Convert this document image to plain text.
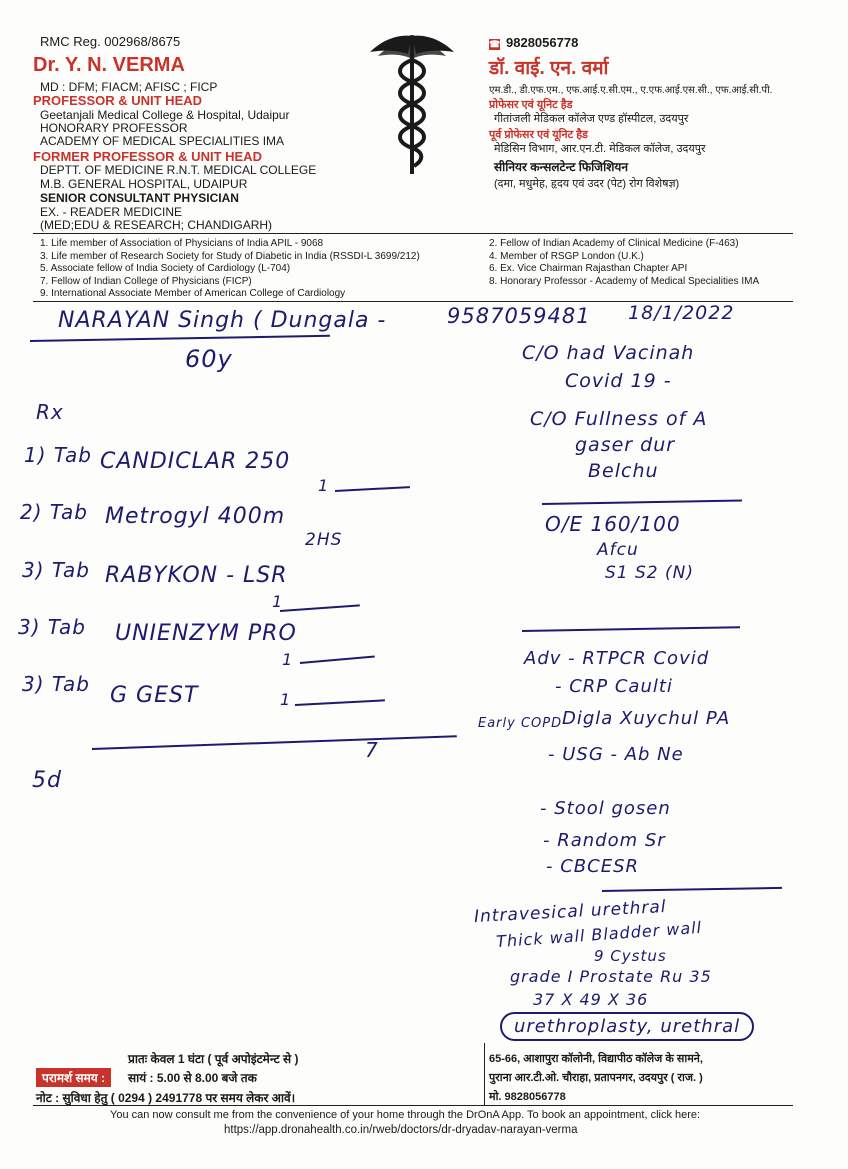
RMC Reg. 002968/8675
Dr. Y. N. VERMA
MD : DFM; FIACM; AFISC ; FICP
PROFESSOR & UNIT HEAD
Geetanjali Medical College & Hospital, Udaipur
HONORARY PROFESSOR
ACADEMY OF MEDICAL SPECIALITIES IMA
FORMER PROFESSOR & UNIT HEAD
DEPTT. OF MEDICINE R.N.T. MEDICAL COLLEGE
M.B. GENERAL HOSPITAL, UDAIPUR
SENIOR CONSULTANT PHYSICIAN
EX. - READER MEDICINE
(MED;EDU & RESEARCH; CHANDIGARH)
☎ 9828056778
डॉ. वाई. एन. वर्मा
एम.डी., डी.एफ.एम., एफ.आई.ए.सी.एम., ए.एफ.आई.एस.सी., एफ.आई.सी.पी.
प्रोफेसर एवं यूनिट हैड
गीतांजली मेडिकल कॉलेज एण्ड हॉस्पीटल, उदयपुर
पूर्व प्रोफेसर एवं यूनिट हैड
मेडिसिन विभाग, आर.एन.टी. मेडिकल कॉलेज, उदयपुर
सीनियर कन्सलटेन्ट फिजिशियन
(दमा, मधुमेह, हृदय एवं उदर (पेट) रोग विशेषज्ञ)
1. Life member of Association of Physicians of India APIL - 9068
3. Life member of Research Society for Study of Diabetic in India (RSSDI-L 3699/212)
5. Associate fellow of India Society of Cardiology (L-704)
7. Fellow of Indian College of Physicians (FICP)
9. International Associate Member of American College of Cardiology
2. Fellow of Indian Academy of Clinical Medicine (F-463)
4. Member of RSGP London (U.K.)
6. Ex. Vice Chairman Rajasthan Chapter API
8. Honorary Professor - Academy of Medical Specialities IMA
NARAYAN Singh ( Dungala -	9587059481 18/1/2022
60y
Rx
1) Tab CANDICLAR 250
1
2) Tab Metrogyl 400m
2HS
3) Tab RABYKON - LSR
1
3) Tab UNIENZYM PRO
1
3) Tab G GEST	1
7
5d
C/O had Vacinah
Covid 19 -
C/O Fullness of A
gaser dur
Belchu
O/E 160/100
Afcu
S1 S2 (N)
Adv - RTPCR Covid
- CRP Caulti
Early COPD Digla Xuychul PA
- USG - Ab Ne
- Stool gosen
- Random Sr
- CBCESR
Intravesical urethral
Thick wall Bladder wall
9 Cystus
grade I Prostate Ru 35
37 X 49 X 36
urethroplasty, urethral
प्रातः केवल 1 घंटा ( पूर्व अपोइंटमेन्ट से )
परामर्श समय :	सायं : 5.00 से 8.00 बजे तक
नोट : सुविधा हेतु ( 0294 ) 2491778 पर समय लेकर आवें।
65-66, आशापुरा कॉलोनी, विद्यापीठ कॉलेज के सामने,
पुराना आर.टी.ओ. चौराहा, प्रतापनगर, उदयपुर ( राज. )
मो. 9828056778
You can now consult me from the convenience of your home through the DrOnA App. To book an appointment, click here:
https://app.dronahealth.co.in/rweb/doctors/dr-dryadav-narayan-verma
